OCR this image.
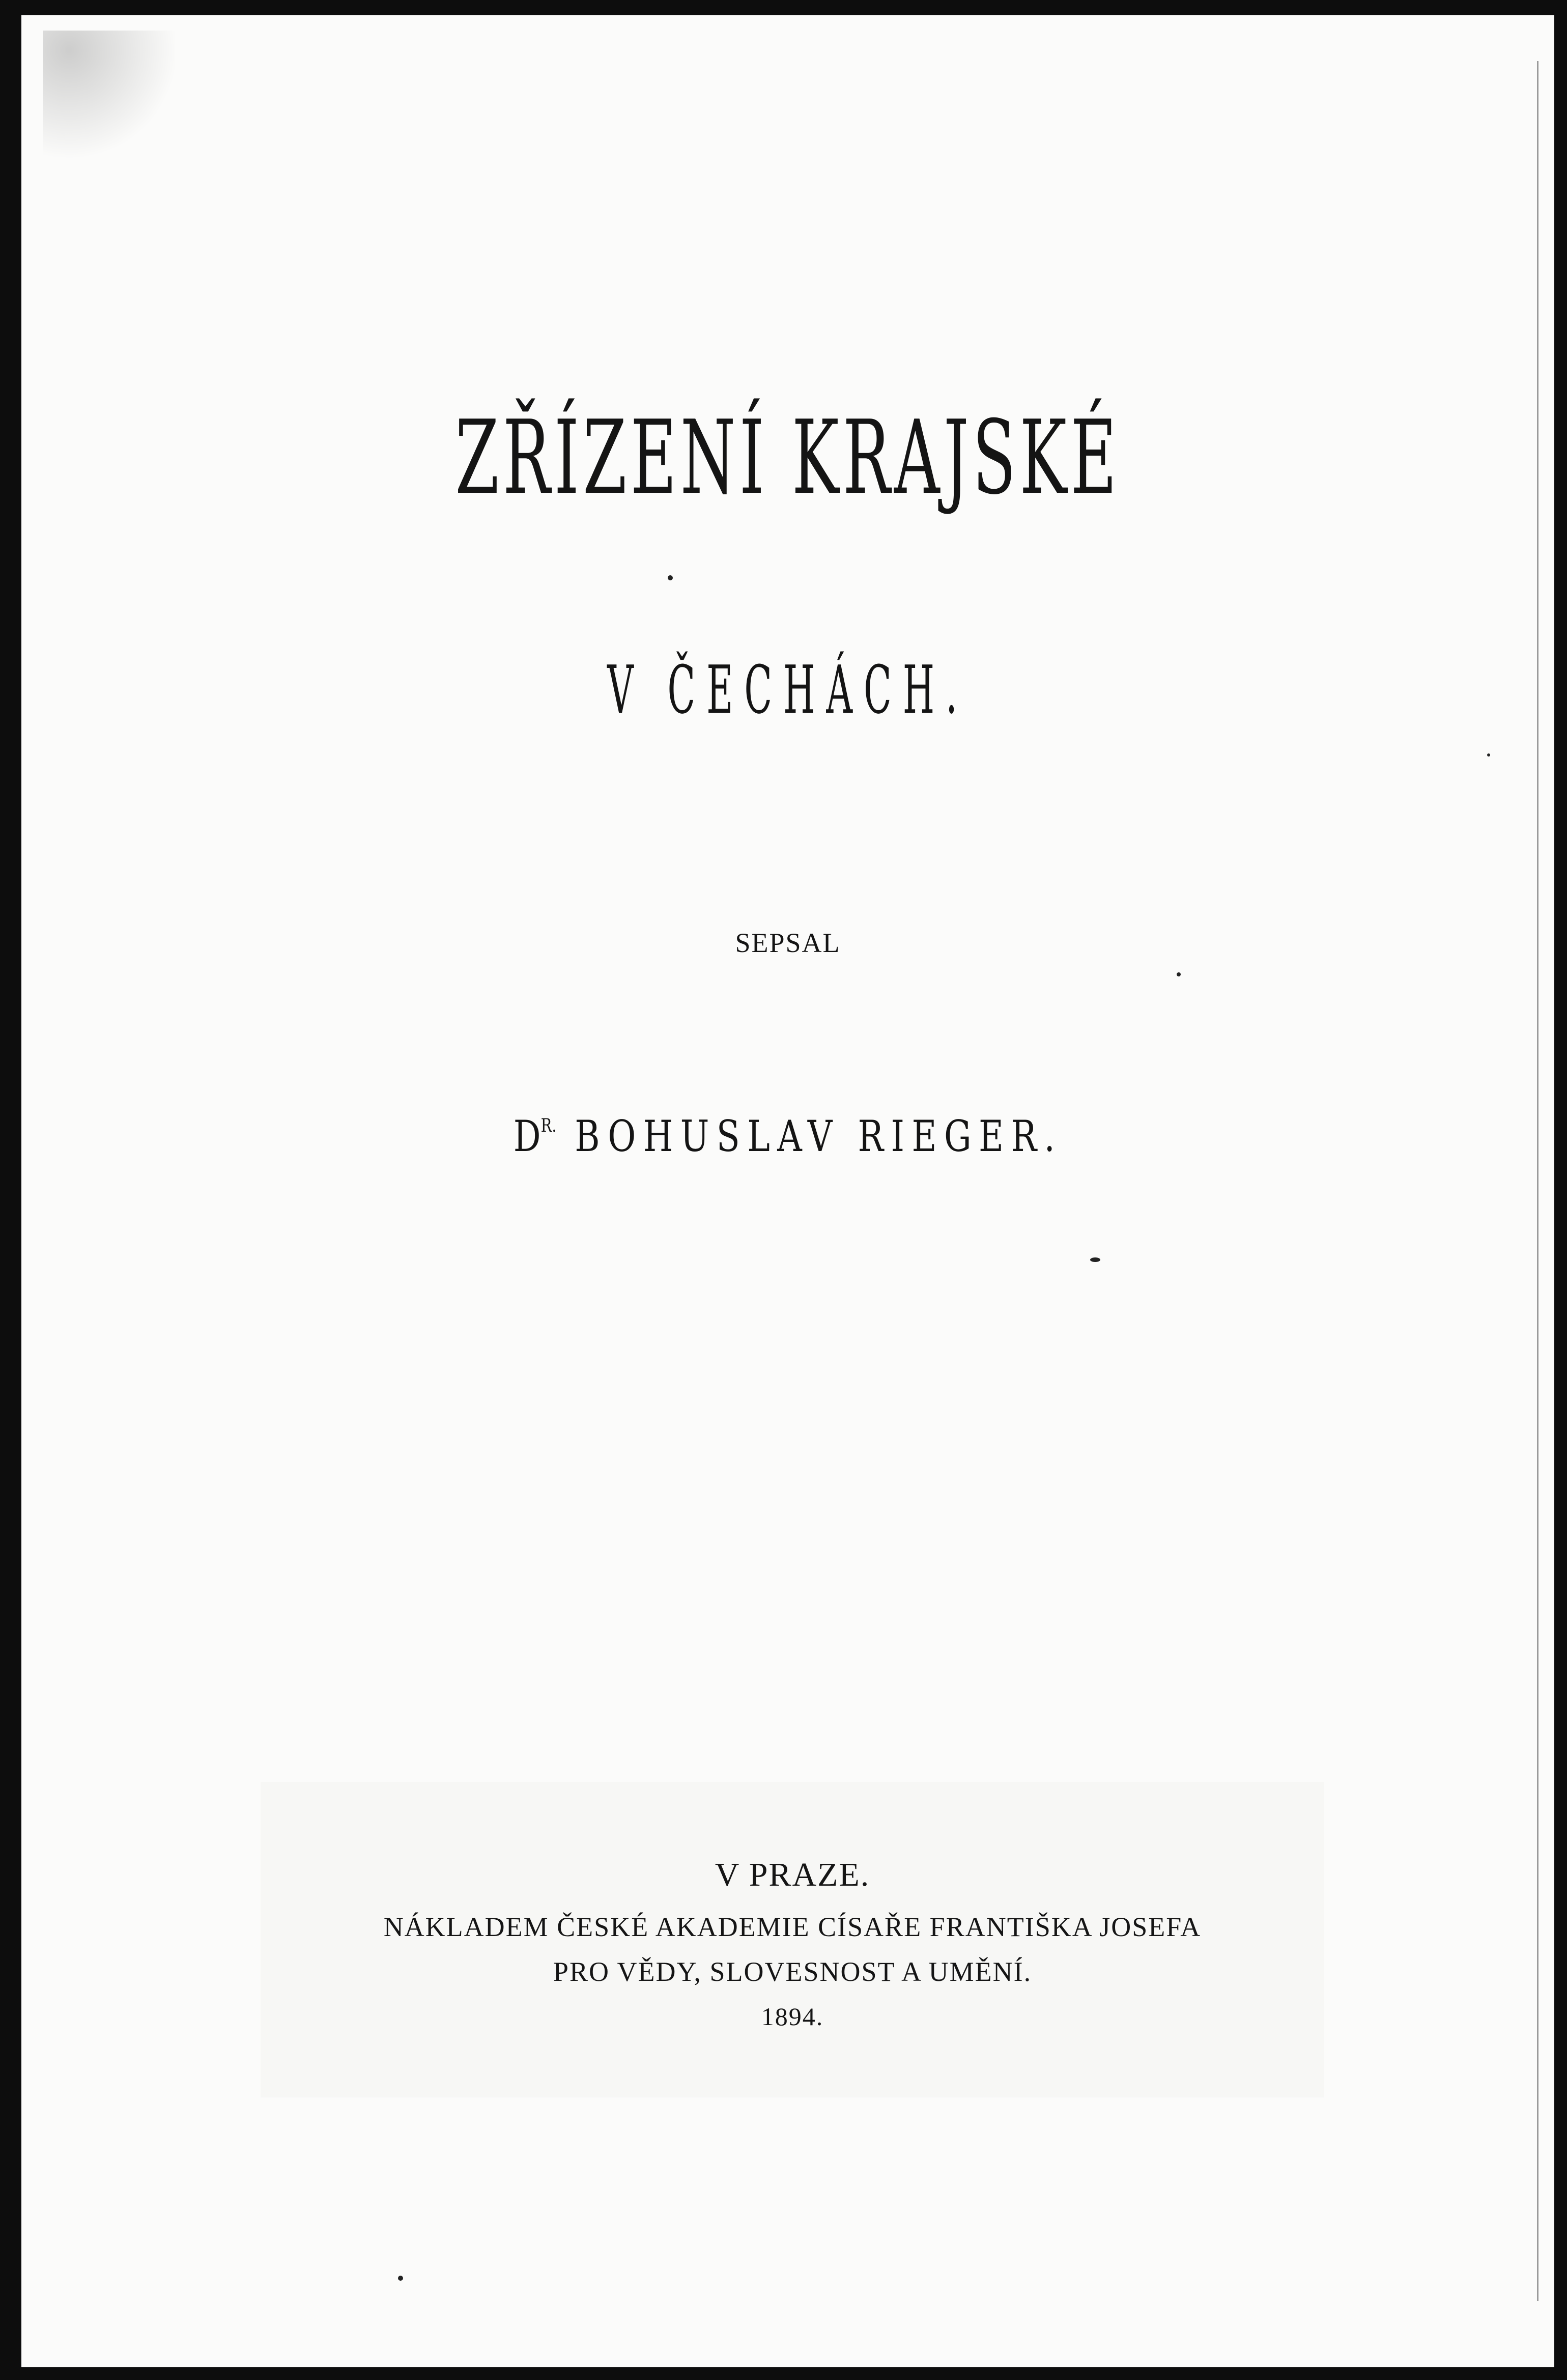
ZŘÍZENÍ KRAJSKÉ
V ČECHÁCH.
SEPSAL
$D^{R.}$ BOHUSLAV RIEGER.
V PRAZE.
NÁKLADEM ČESKÉ AKADEMIE CÍSAŘE FRANTIŠKA JOSEFA
PRO VĚDY, SLOVESNOST A UMĚNÍ.
1894.
